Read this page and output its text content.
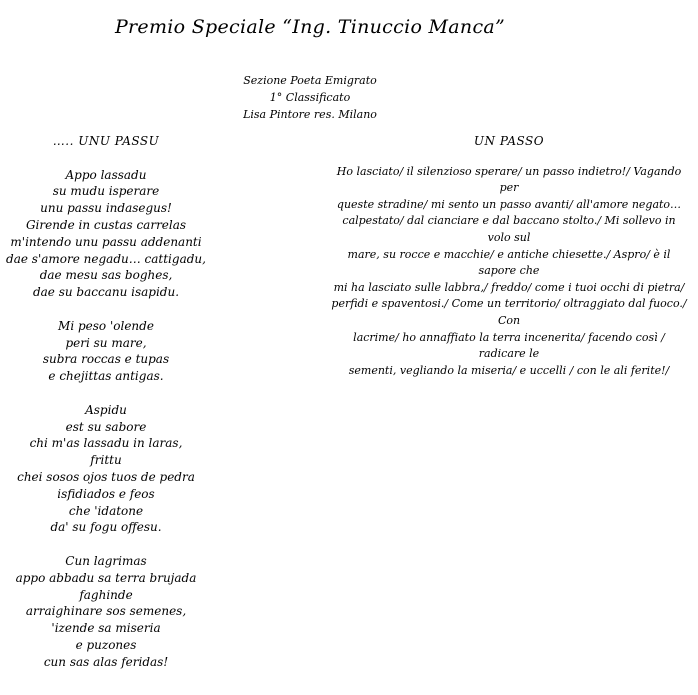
Premio Speciale “Ing. Tinuccio Manca”
Sezione Poeta Emigrato
1° Classificato
Lisa Pintore res. Milano
….. UNU PASSU
Appo lassadu
su mudu isperare
unu passu indasegus!
Girende in custas carrelas
m'intendo unu passu addenanti
dae s'amore negadu… cattigadu,
dae mesu sas boghes,
dae su baccanu isapidu.
Mi peso 'olende
peri su mare,
subra roccas e tupas
e chejittas antigas.
Aspidu
est su sabore
chi m'as lassadu in laras,
frittu
chei sosos ojos tuos de pedra
isfidiados e feos
che 'idatone
da' su fogu offesu.
Cun lagrimas
appo abbadu sa terra brujada
faghinde
arraighinare sos semenes,
'izende sa miseria
e puzones
cun sas alas feridas!
UN PASSO
Ho lasciato/ il silenzioso sperare/ un passo indietro!/ Vagando per
queste stradine/ mi sento un passo avanti/ all'amore negato…
calpestato/ dal cianciare e dal baccano stolto./ Mi sollevo in volo sul
mare, su rocce e macchie/ e antiche chiesette./ Aspro/ è il sapore che
mi ha lasciato sulle labbra,/ freddo/ come i tuoi occhi di pietra/
perfidi e spaventosi./ Come un territorio/ oltraggiato dal fuoco./ Con
lacrime/ ho annaffiato la terra incenerita/ facendo così / radicare le
sementi, vegliando la miseria/ e uccelli / con le ali ferite!/
